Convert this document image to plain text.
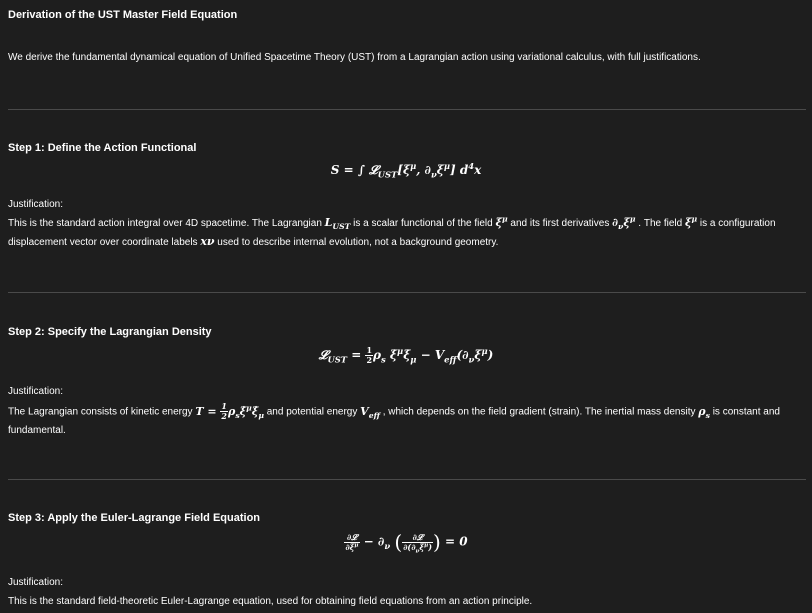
Derivation of the UST Master Field Equation
We derive the fundamental dynamical equation of Unified Spacetime Theory (UST) from a Lagrangian action using variational calculus, with full justifications.
Step 1: Define the Action Functional
S = ∫ $𝓛_{UST}[\xi^\mu$, $\partial_\nu\xi^\mu$] $d^4x$
Justification:
This is the standard action integral over 4D spacetime. The Lagrangian $L_{UST}$ is a scalar functional of the field $\xi^\mu$ and its first derivatives $\partial_\nu\xi^\mu$ . The field $\xi^\mu$ is a configuration displacement vector over coordinate labels xν used to describe internal evolution, not a background geometry.
Step 2: Specify the Lagrangian Density
𝓛$_{UST}$ = $\frac{1}{2} \rho_s$ $\xi̇^\mu\xi̇_\mu - V_{eff}(\partial_\nu\xi^\mu)$
Justification:
The Lagrangian consists of kinetic energy $T = \frac{1}{2}$ $\rho_s\xi̇^\mu\xi̇_\mu$ and potential energy $V_{eff}$ , which depends on the field gradient (strain). The inertial mass density $\rho_s$ is constant and fundamental.
Step 3: Apply the Euler-Lagrange Field Equation
$\frac{\text{∂𝓛}}{\partial\xi^\mu} - \partial_\nu$ ( $\frac{\text{∂𝓛}}{\partial(\partial_\nu\xi^\mu)}$ ) = 0
Justification:
This is the standard field-theoretic Euler-Lagrange equation, used for obtaining field equations from an action principle.
